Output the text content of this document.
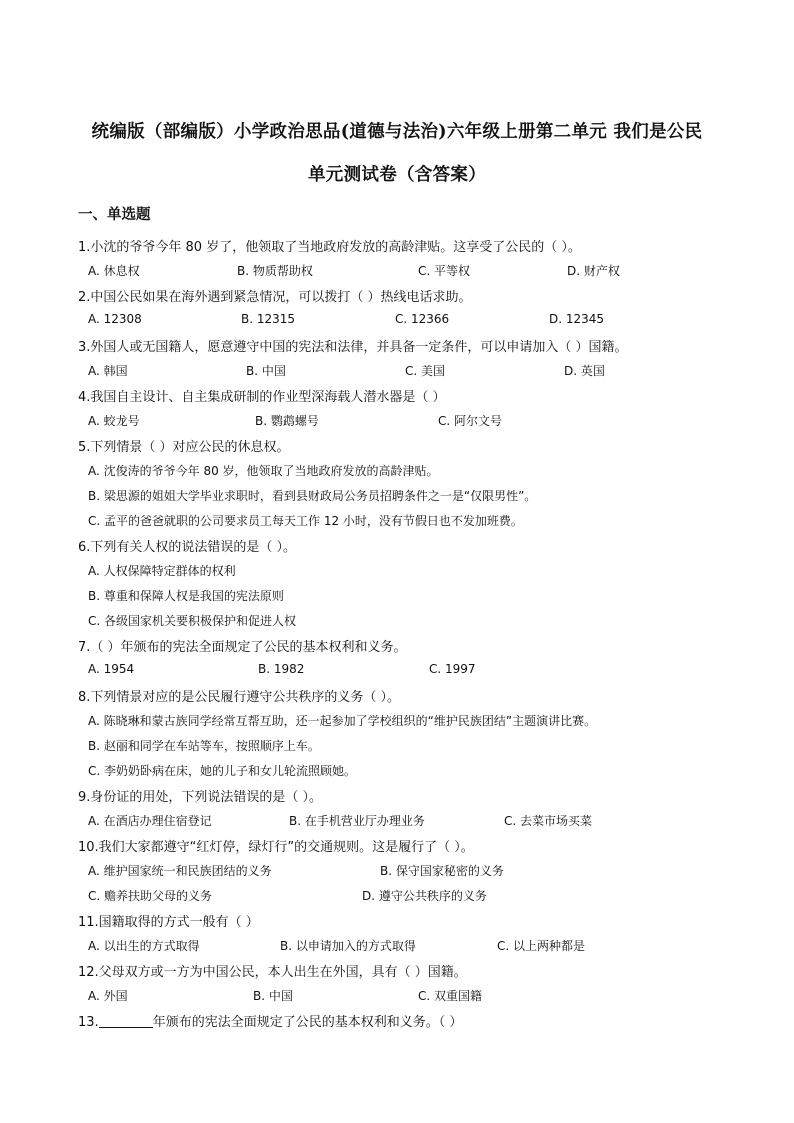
统编版（部编版）小学政治思品(道德与法治)六年级上册第二单元 我们是公民
单元测试卷（含答案）
一、单选题
1.小沈的爷爷今年 80 岁了，他领取了当地政府发放的高龄津贴。这享受了公民的（ ）。
A. 休息权	B. 物质帮助权	C. 平等权	D. 财产权
2.中国公民如果在海外遇到紧急情况，可以拨打（ ）热线电话求助。
A. 12308	B. 12315	C. 12366	D. 12345
3.外国人或无国籍人，愿意遵守中国的宪法和法律，并具备一定条件，可以申请加入（ ）国籍。
A. 韩国	B. 中国	C. 美国	D. 英国
4.我国自主设计、自主集成研制的作业型深海载人潜水器是（ ）
A. 蛟龙号	B. 鹦鹉螺号	C. 阿尔文号
5.下列情景（ ）对应公民的休息权。
A. 沈俊涛的爷爷今年 80 岁，他领取了当地政府发放的高龄津贴。
B. 梁思源的姐姐大学毕业求职时，看到县财政局公务员招聘条件之一是“仅限男性”。
C. 孟平的爸爸就职的公司要求员工每天工作 12 小时，没有节假日也不发加班费。
6.下列有关人权的说法错误的是（ ）。
A. 人权保障特定群体的权利
B. 尊重和保障人权是我国的宪法原则
C. 各级国家机关要积极保护和促进人权
7.（ ）年颁布的宪法全面规定了公民的基本权利和义务。
A. 1954	B. 1982	C. 1997
8.下列情景对应的是公民履行遵守公共秩序的义务（ ）。
A. 陈晓琳和蒙古族同学经常互帮互助，还一起参加了学校组织的“维护民族团结”主题演讲比赛。
B. 赵丽和同学在车站等车，按照顺序上车。
C. 李奶奶卧病在床，她的儿子和女儿轮流照顾她。
9.身份证的用处，下列说法错误的是（ ）。
A. 在酒店办理住宿登记	B. 在手机营业厅办理业务	C. 去菜市场买菜
10.我们大家都遵守“红灯停，绿灯行”的交通规则。这是履行了（ ）。
A. 维护国家统一和民族团结的义务	B. 保守国家秘密的义务
C. 赡养扶助父母的义务	D. 遵守公共秩序的义务
11.国籍取得的方式一般有（ ）
A. 以出生的方式取得	B. 以申请加入的方式取得	C. 以上两种都是
12.父母双方或一方为中国公民，本人出生在外国，具有（ ）国籍。
A. 外国	B. 中国	C. 双重国籍
13.	年颁布的宪法全面规定了公民的基本权利和义务。（ ）
